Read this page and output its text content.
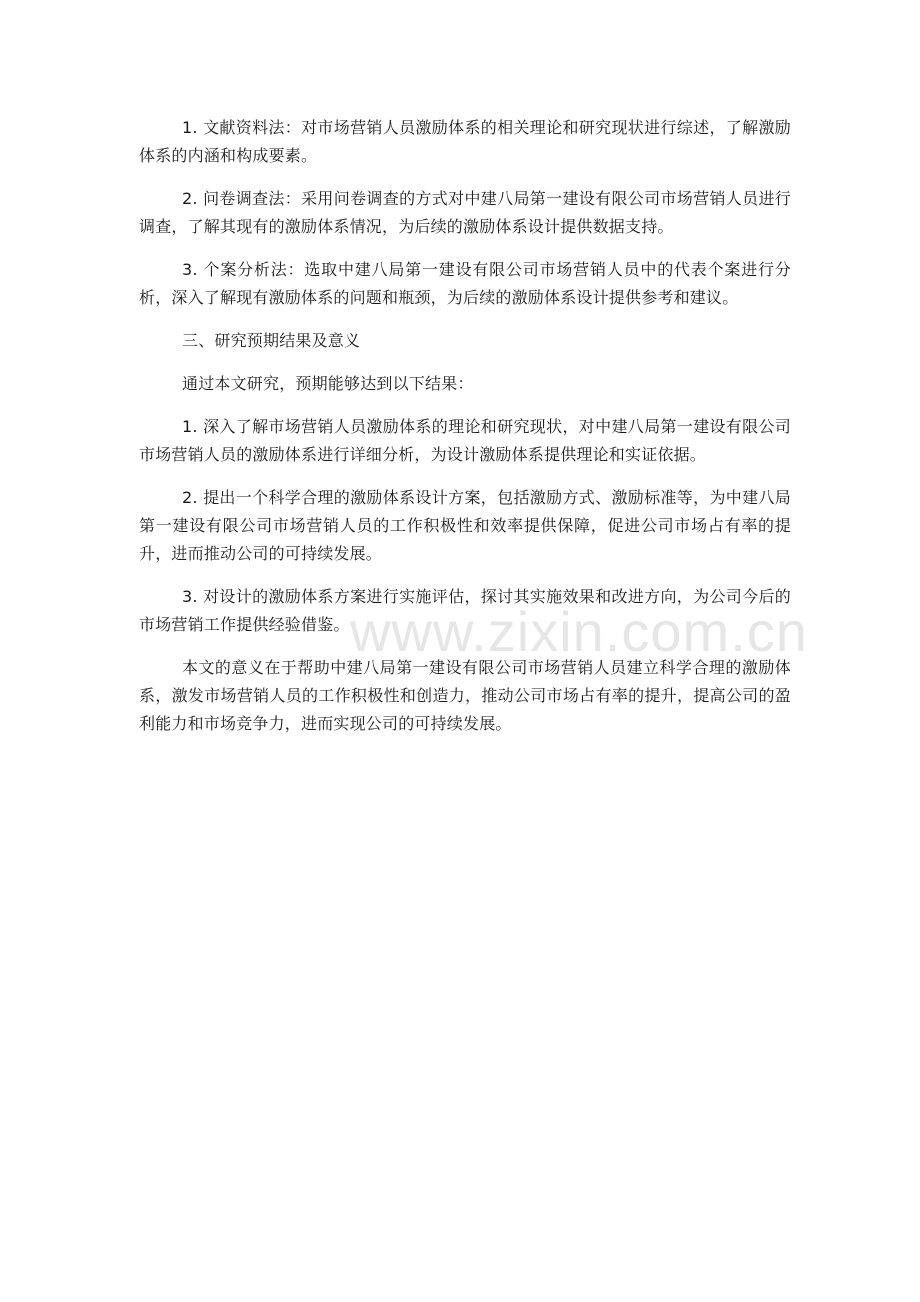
1. 文献资料法：对市场营销人员激励体系的相关理论和研究现状进行综述，了解激励体系的内涵和构成要素。

2. 问卷调查法：采用问卷调查的方式对中建八局第一建设有限公司市场营销人员进行调查，了解其现有的激励体系情况，为后续的激励体系设计提供数据支持。

3. 个案分析法：选取中建八局第一建设有限公司市场营销人员中的代表个案进行分析，深入了解现有激励体系的问题和瓶颈，为后续的激励体系设计提供参考和建议。

三、研究预期结果及意义

通过本文研究，预期能够达到以下结果：

1. 深入了解市场营销人员激励体系的理论和研究现状，对中建八局第一建设有限公司市场营销人员的激励体系进行详细分析，为设计激励体系提供理论和实证依据。

2. 提出一个科学合理的激励体系设计方案，包括激励方式、激励标准等，为中建八局第一建设有限公司市场营销人员的工作积极性和效率提供保障，促进公司市场占有率的提升，进而推动公司的可持续发展。

3. 对设计的激励体系方案进行实施评估，探讨其实施效果和改进方向，为公司今后的市场营销工作提供经验借鉴。

本文的意义在于帮助中建八局第一建设有限公司市场营销人员建立科学合理的激励体系，激发市场营销人员的工作积极性和创造力，推动公司市场占有率的提升，提高公司的盈利能力和市场竞争力，进而实现公司的可持续发展。

www.zixin.com.cn
